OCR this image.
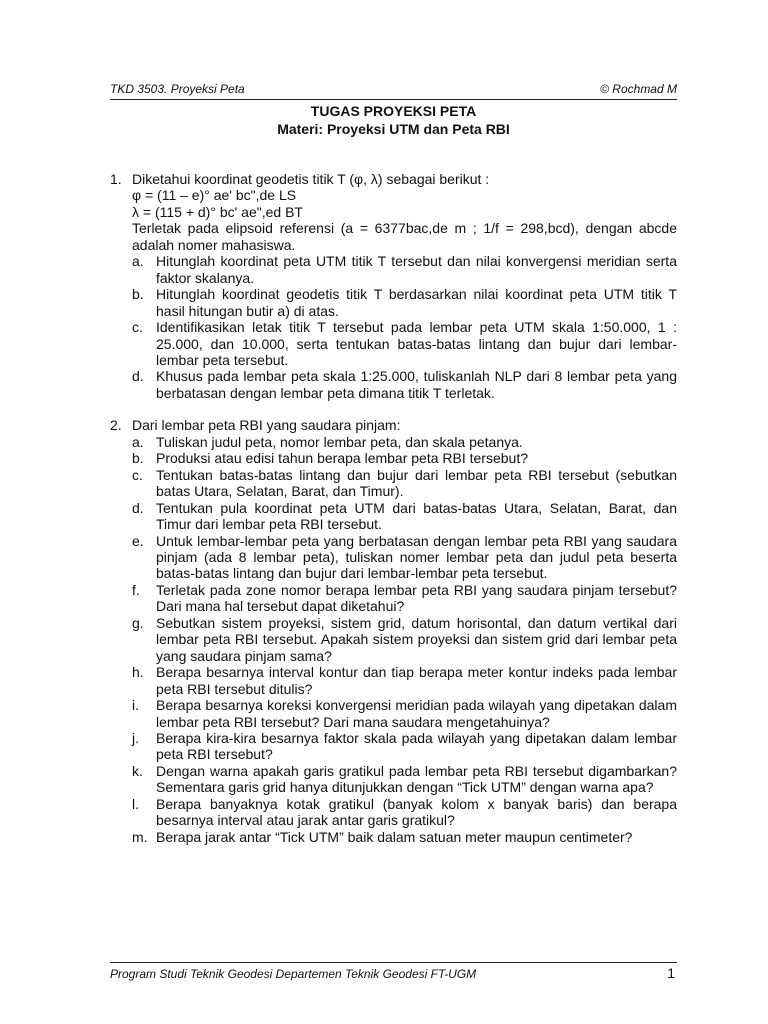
TKD 3503. Proyeksi Peta	© Rochmad M
TUGAS PROYEKSI PETA
Materi: Proyeksi UTM dan Peta RBI
1. Diketahui koordinat geodetis titik T (φ, λ) sebagai berikut :
φ = (11 – e)° ae' bc",de LS
λ = (115 + d)° bc' ae",ed BT
Terletak pada elipsoid referensi (a = 6377bac,de m ; 1/f = 298,bcd), dengan abcde adalah nomer mahasiswa.
a. Hitunglah koordinat peta UTM titik T tersebut dan nilai konvergensi meridian serta faktor skalanya.
b. Hitunglah koordinat geodetis titik T berdasarkan nilai koordinat peta UTM titik T hasil hitungan butir a) di atas.
c. Identifikasikan letak titik T tersebut pada lembar peta UTM skala 1:50.000, 1 : 25.000, dan 10.000, serta tentukan batas-batas lintang dan bujur dari lembar-lembar peta tersebut.
d. Khusus pada lembar peta skala 1:25.000, tuliskanlah NLP dari 8 lembar peta yang berbatasan dengan lembar peta dimana titik T terletak.
2. Dari lembar peta RBI yang saudara pinjam:
a. Tuliskan judul peta, nomor lembar peta, dan skala petanya.
b. Produksi atau edisi tahun berapa lembar peta RBI tersebut?
c. Tentukan batas-batas lintang dan bujur dari lembar peta RBI tersebut (sebutkan batas Utara, Selatan, Barat, dan Timur).
d. Tentukan pula koordinat peta UTM dari batas-batas Utara, Selatan, Barat, dan Timur dari lembar peta RBI tersebut.
e. Untuk lembar-lembar peta yang berbatasan dengan lembar peta RBI yang saudara pinjam (ada 8 lembar peta), tuliskan nomer lembar peta dan judul peta beserta batas-batas lintang dan bujur dari lembar-lembar peta tersebut.
f.	Terletak pada zone nomor berapa lembar peta RBI yang saudara pinjam tersebut? Dari mana hal tersebut dapat diketahui?
g. Sebutkan sistem proyeksi, sistem grid, datum horisontal, dan datum vertikal dari lembar peta RBI tersebut. Apakah sistem proyeksi dan sistem grid dari lembar peta yang saudara pinjam sama?
h. Berapa besarnya interval kontur dan tiap berapa meter kontur indeks pada lembar peta RBI tersebut ditulis?
i.	Berapa besarnya koreksi konvergensi meridian pada wilayah yang dipetakan dalam lembar peta RBI tersebut? Dari mana saudara mengetahuinya?
j.	Berapa kira-kira besarnya faktor skala pada wilayah yang dipetakan dalam lembar peta RBI tersebut?
k. Dengan warna apakah garis gratikul pada lembar peta RBI tersebut digambarkan? Sementara garis grid hanya ditunjukkan dengan “Tick UTM” dengan warna apa?
l.	Berapa banyaknya kotak gratikul (banyak kolom x banyak baris) dan berapa besarnya interval atau jarak antar garis gratikul?
m. Berapa jarak antar “Tick UTM” baik dalam satuan meter maupun centimeter?
Program Studi Teknik Geodesi Departemen Teknik Geodesi FT-UGM	1
